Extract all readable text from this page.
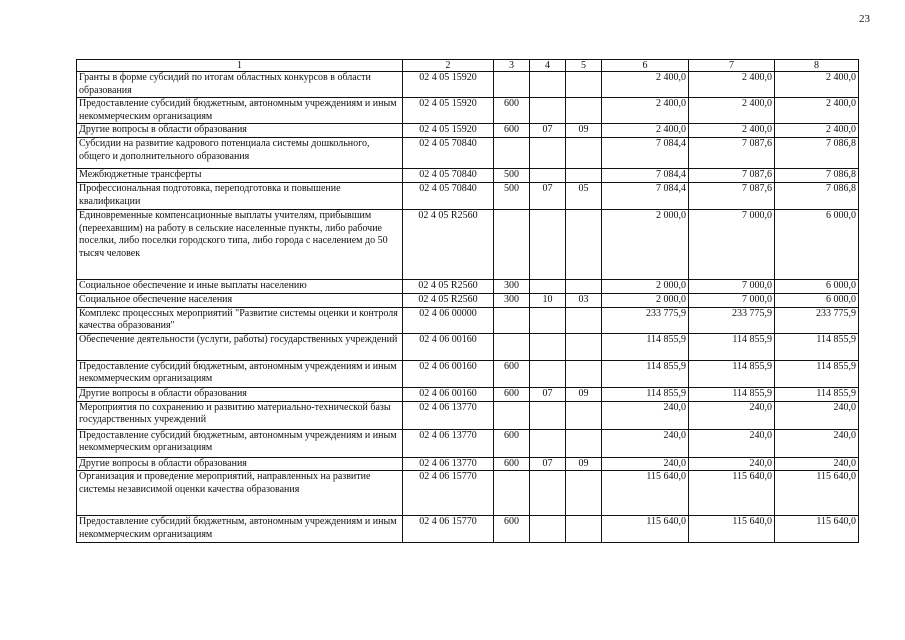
23
1	2	3	4	5	6	7	8
Гранты в форме субсидий по итогам областных конкурсов в области образования	02 4 05 15920				2 400,0	2 400,0	2 400,0
Предоставление субсидий бюджетным, автономным учреждениям и иным некоммерческим организациям	02 4 05 15920	600			2 400,0	2 400,0	2 400,0
Другие вопросы в области образования	02 4 05 15920	600	07	09	2 400,0	2 400,0	2 400,0
Субсидии на развитие кадрового потенциала системы дошкольного, общего и дополнительного образования	02 4 05 70840				7 084,4	7 087,6	7 086,8
Межбюджетные трансферты	02 4 05 70840	500			7 084,4	7 087,6	7 086,8
Профессиональная подготовка, переподготовка и повышение квалификации	02 4 05 70840	500	07	05	7 084,4	7 087,6	7 086,8
Единовременные компенсационные выплаты учителям, прибывшим (переехавшим) на работу в сельские населенные пункты, либо рабочие поселки, либо поселки городского типа, либо города с населением до 50 тысяч человек	02 4 05 R2560				2 000,0	7 000,0	6 000,0
Социальное обеспечение и иные выплаты населению	02 4 05 R2560	300			2 000,0	7 000,0	6 000,0
Социальное обеспечение населения	02 4 05 R2560	300	10	03	2 000,0	7 000,0	6 000,0
Комплекс процессных мероприятий "Развитие системы оценки и контроля качества образования"	02 4 06 00000				233 775,9	233 775,9	233 775,9
Обеспечение деятельности (услуги, работы) государственных учреждений	02 4 06 00160				114 855,9	114 855,9	114 855,9
Предоставление субсидий бюджетным, автономным учреждениям и иным некоммерческим организациям	02 4 06 00160	600			114 855,9	114 855,9	114 855,9
Другие вопросы в области образования	02 4 06 00160	600	07	09	114 855,9	114 855,9	114 855,9
Мероприятия по сохранению и развитию материально-технической базы государственных учреждений	02 4 06 13770				240,0	240,0	240,0
Предоставление субсидий бюджетным, автономным учреждениям и иным некоммерческим организациям	02 4 06 13770	600			240,0	240,0	240,0
Другие вопросы в области образования	02 4 06 13770	600	07	09	240,0	240,0	240,0
Организация и проведение мероприятий, направленных на развитие системы независимой оценки качества образования	02 4 06 15770				115 640,0	115 640,0	115 640,0
Предоставление субсидий бюджетным, автономным учреждениям и иным некоммерческим организациям	02 4 06 15770	600			115 640,0	115 640,0	115 640,0
